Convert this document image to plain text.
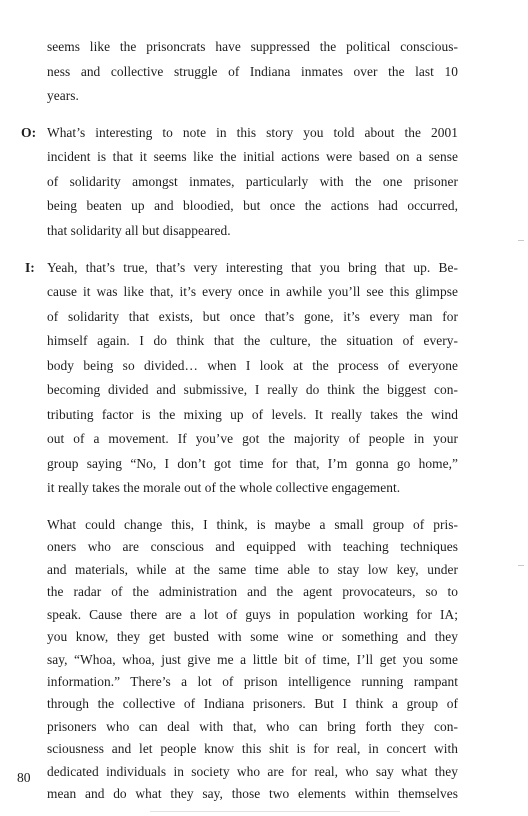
seems like the prisoncrats have suppressed the political conscious-
ness and collective struggle of Indiana inmates over the last 10
years.
O: What’s interesting to note in this story you told about the 2001
incident is that it seems like the initial actions were based on a sense
of solidarity amongst inmates, particularly with the one prisoner
being beaten up and bloodied, but once the actions had occurred,
that solidarity all but disappeared.
I: Yeah, that’s true, that’s very interesting that you bring that up. Be-
cause it was like that, it’s every once in awhile you’ll see this glimpse
of solidarity that exists, but once that’s gone, it’s every man for
himself again. I do think that the culture, the situation of every-
body being so divided… when I look at the process of everyone
becoming divided and submissive, I really do think the biggest con-
tributing factor is the mixing up of levels. It really takes the wind
out of a movement. If you’ve got the majority of people in your
group saying “No, I don’t got time for that, I’m gonna go home,”
it really takes the morale out of the whole collective engagement.
What could change this, I think, is maybe a small group of pris-
oners who are conscious and equipped with teaching techniques
and materials, while at the same time able to stay low key, under
the radar of the administration and the agent provocateurs, so to
speak. Cause there are a lot of guys in population working for IA;
you know, they get busted with some wine or something and they
say, “Whoa, whoa, just give me a little bit of time, I’ll get you some
information.” There’s a lot of prison intelligence running rampant
through the collective of Indiana prisoners. But I think a group of
prisoners who can deal with that, who can bring forth they con-
sciousness and let people know this shit is for real, in concert with
dedicated individuals in society who are for real, who say what they
mean and do what they say, those two elements within themselves
80
